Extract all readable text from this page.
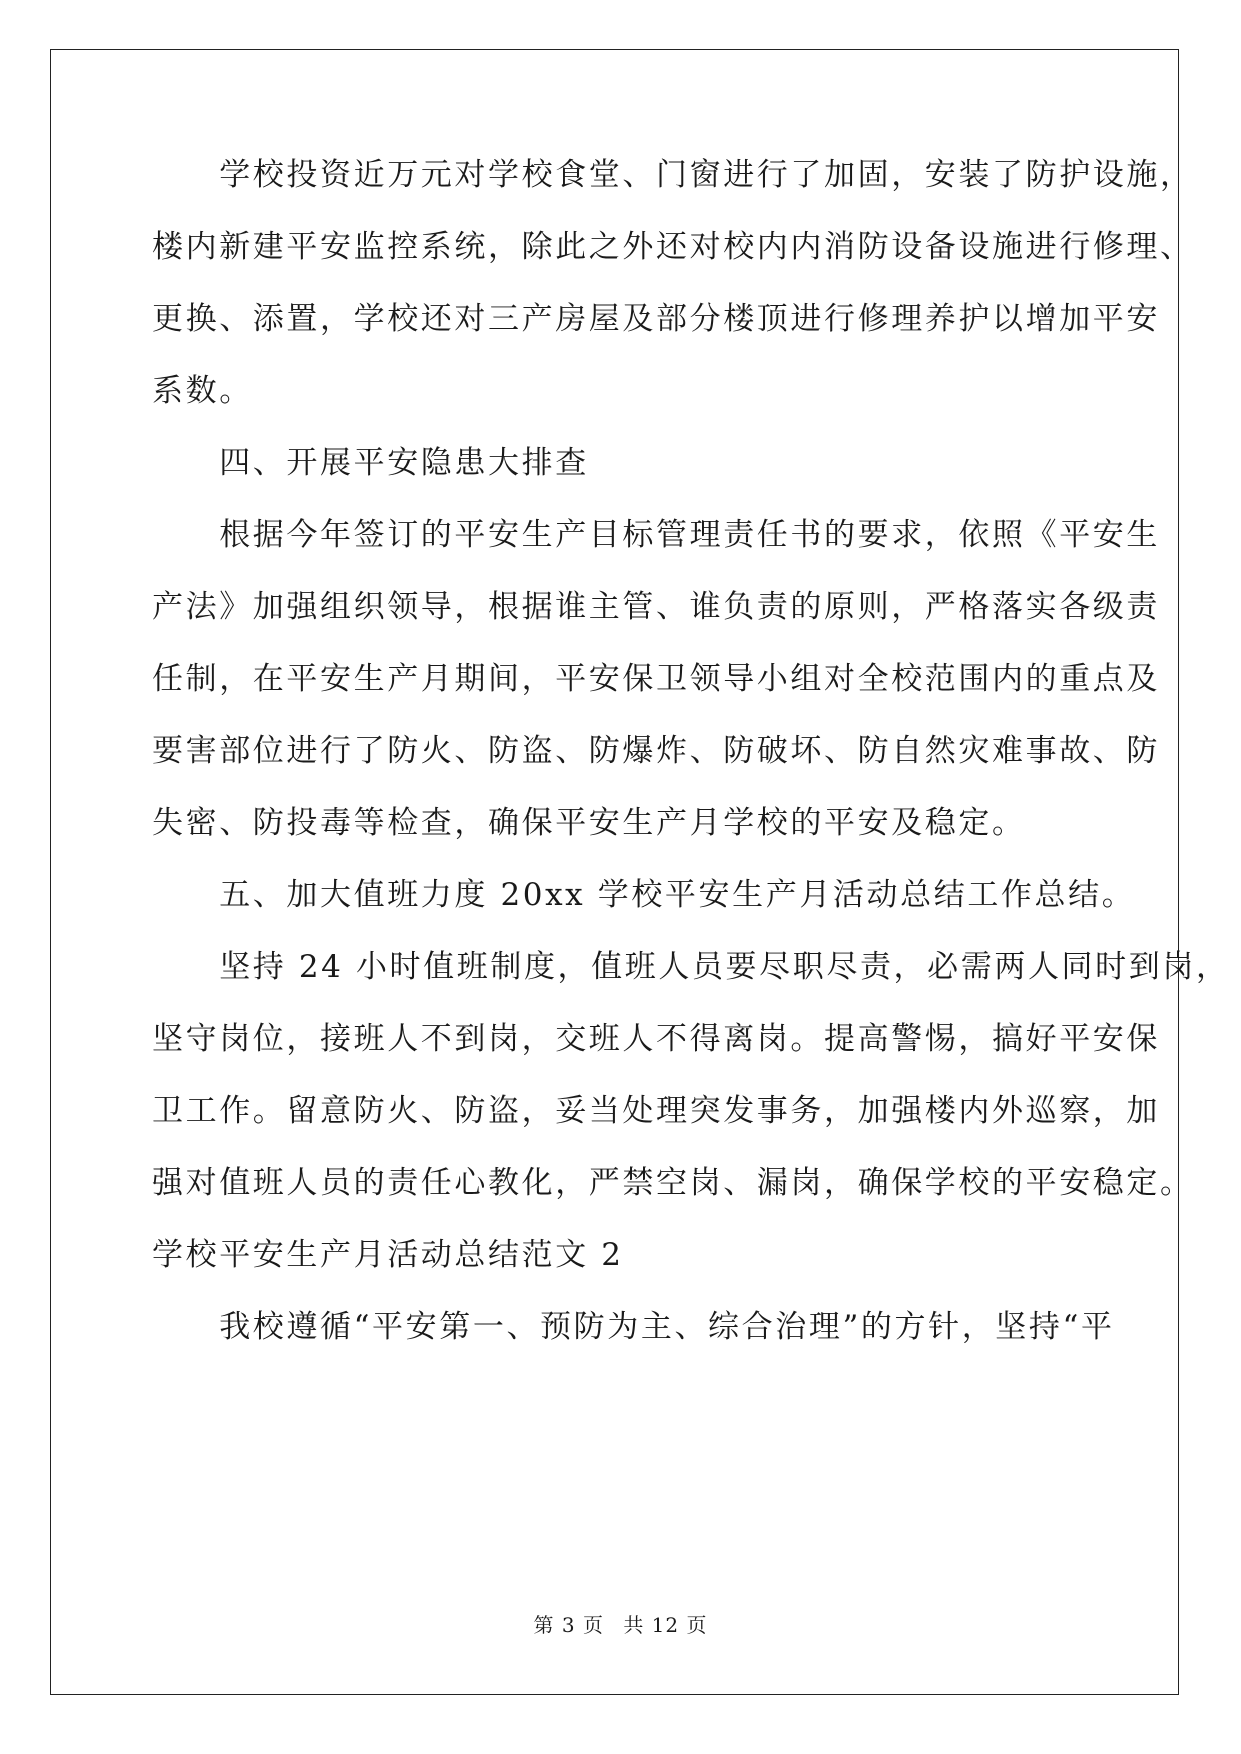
　　学校投资近万元对学校食堂、门窗进行了加固，安装了防护设施，
楼内新建平安监控系统，除此之外还对校内内消防设备设施进行修理、
更换、添置，学校还对三产房屋及部分楼顶进行修理养护以增加平安
系数。
　　四、开展平安隐患大排查
　　根据今年签订的平安生产目标管理责任书的要求，依照《平安生
产法》加强组织领导，根据谁主管、谁负责的原则，严格落实各级责
任制，在平安生产月期间，平安保卫领导小组对全校范围内的重点及
要害部位进行了防火、防盗、防爆炸、防破坏、防自然灾难事故、防
失密、防投毒等检查，确保平安生产月学校的平安及稳定。
　　五、加大值班力度 20xx 学校平安生产月活动总结工作总结。
　　坚持 24 小时值班制度，值班人员要尽职尽责，必需两人同时到岗，
坚守岗位，接班人不到岗，交班人不得离岗。提高警惕，搞好平安保
卫工作。留意防火、防盗，妥当处理突发事务，加强楼内外巡察，加
强对值班人员的责任心教化，严禁空岗、漏岗，确保学校的平安稳定。
学校平安生产月活动总结范文 2
　　我校遵循“平安第一、预防为主、综合治理”的方针，坚持“平
第 3 页 共 12 页
